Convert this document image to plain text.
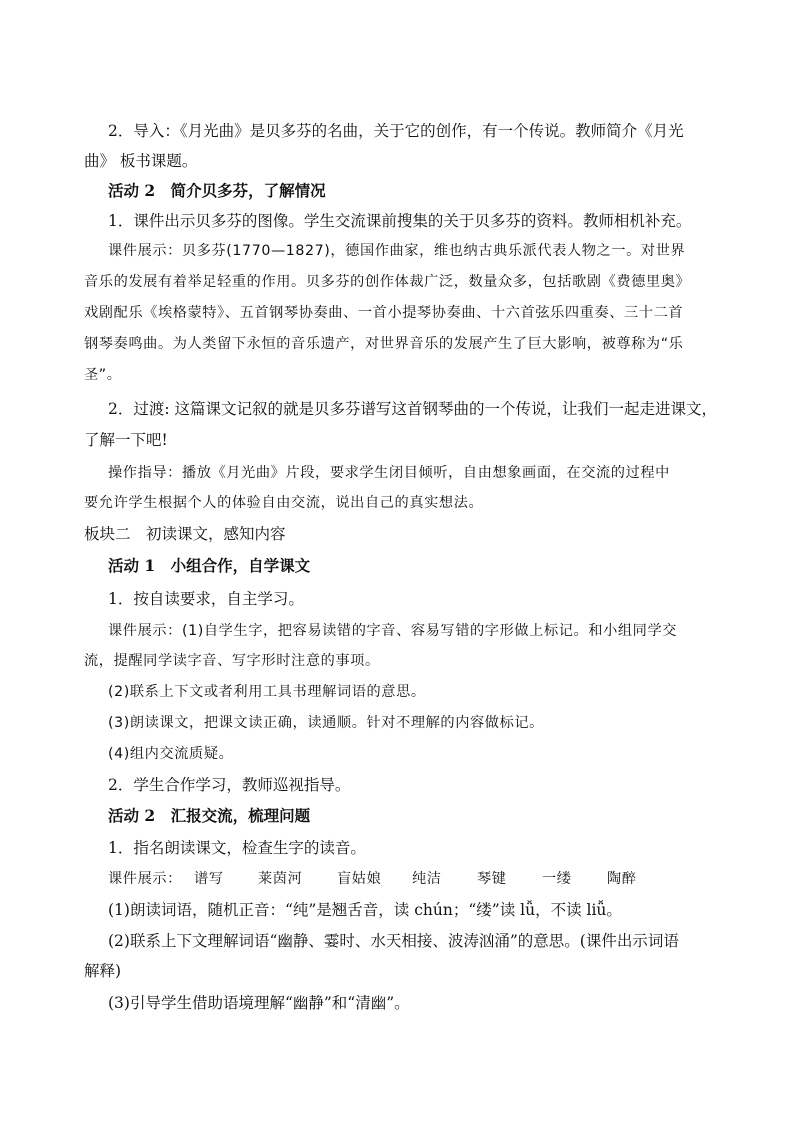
2．导入：《月光曲》是贝多芬的名曲，关于它的创作，有一个传说。教师简介《月光
曲》 板书课题。
活动 2　简介贝多芬，了解情况
1．课件出示贝多芬的图像。学生交流课前搜集的关于贝多芬的资料。教师相机补充。
课件展示：贝多芬(1770—1827)，德国作曲家，维也纳古典乐派代表人物之一。对世界
音乐的发展有着举足轻重的作用。贝多芬的创作体裁广泛，数量众多，包括歌剧《费德里奥》
戏剧配乐《埃格蒙特》、五首钢琴协奏曲、一首小提琴协奏曲、十六首弦乐四重奏、三十二首
钢琴奏鸣曲。为人类留下永恒的音乐遗产，对世界音乐的发展产生了巨大影响，被尊称为“乐
圣”。
2．过渡: 这篇课文记叙的就是贝多芬谱写这首钢琴曲的一个传说，让我们一起走进课文，
了解一下吧!
操作指导：播放《月光曲》片段，要求学生闭目倾听，自由想象画面，在交流的过程中
要允许学生根据个人的体验自由交流，说出自己的真实想法。
板块二　初读课文，感知内容
活动 1　小组合作，自学课文
1．按自读要求，自主学习。
课件展示：(1)自学生字，把容易读错的字音、容易写错的字形做上标记。和小组同学交
流，提醒同学读字音、写字形时注意的事项。
(2)联系上下文或者利用工具书理解词语的意思。
(3)朗读课文，把课文读正确，读通顺。针对不理解的内容做标记。
(4)组内交流质疑。
2．学生合作学习，教师巡视指导。
活动 2　汇报交流，梳理问题
1．指名朗读课文，检查生字的读音。
课件展示： 谱写 莱茵河 盲姑娘 纯洁 琴键 一缕 陶醉
(1)朗读词语，随机正音：“纯”是翘舌音，读 chún；“缕”读 lǚ，不读 liǚ。
(2)联系上下文理解词语“幽静、霎时、水天相接、波涛汹涌”的意思。(课件出示词语
解释)
(3)引导学生借助语境理解“幽静”和“清幽”。
